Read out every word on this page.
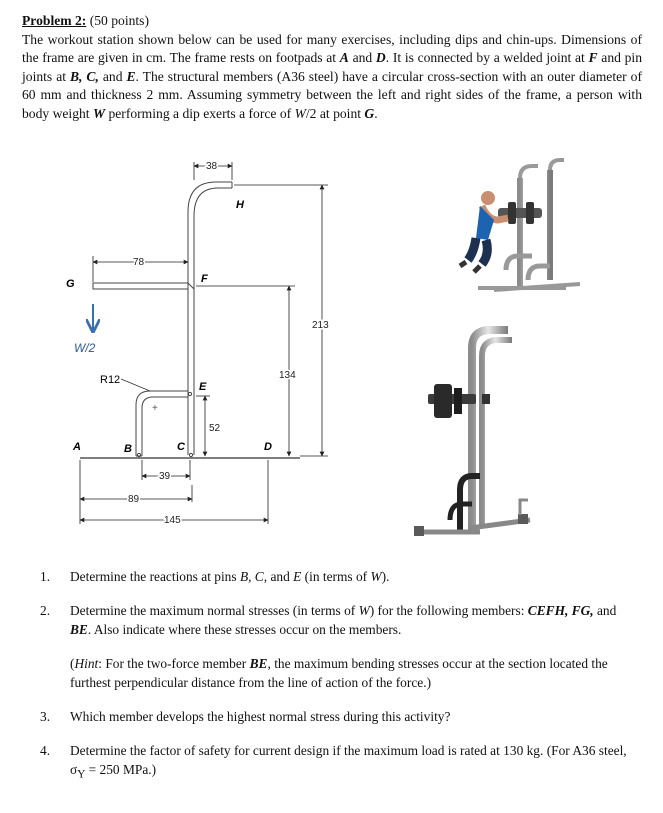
Problem 2: (50 points)
The workout station shown below can be used for many exercises, including dips and chin-ups. Dimensions of the frame are given in cm. The frame rests on footpads at A and D. It is connected by a welded joint at F and pin joints at B, C, and E. The structural members (A36 steel) have a circular cross-section with an outer diameter of 60 mm and thickness 2 mm. Assuming symmetry between the left and right sides of the frame, a person with body weight W performing a dip exerts a force of W/2 at point G.
+
G	F
H
E
A	B	C	D
W/2
R12
38
78
213
134
52
39
89
145
1. Determine the reactions at pins B, C, and E (in terms of W).
2. Determine the maximum normal stresses (in terms of W) for the following members: CEFH, FG, and BE. Also indicate where these stresses occur on the members.
(Hint: For the two-force member BE, the maximum bending stresses occur at the section located the furthest perpendicular distance from the line of action of the force.)
3. Which member develops the highest normal stress during this activity?
4. Determine the factor of safety for current design if the maximum load is rated at 130 kg. (For A36 steel, $\sigma_Y = 250$ MPa.)
